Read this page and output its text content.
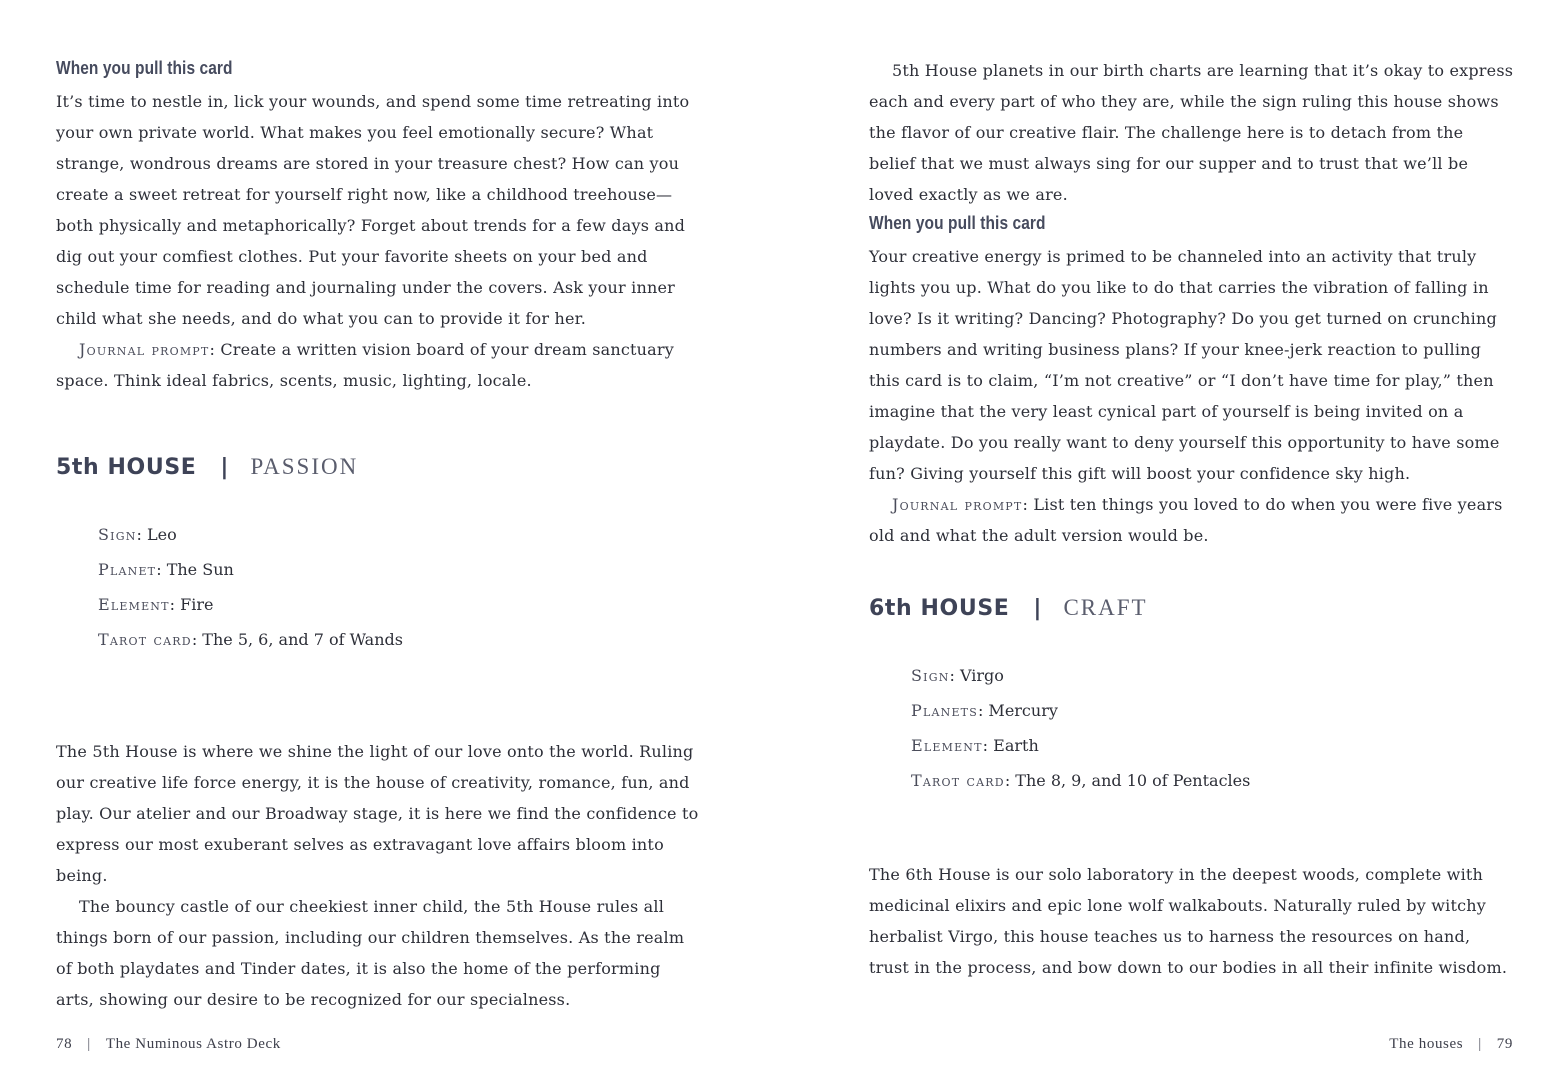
When you pull this card

It’s time to nestle in, lick your wounds, and spend some time retreating into your own private world. What makes you feel emotionally secure? What strange, wondrous dreams are stored in your treasure chest? How can you create a sweet retreat for yourself right now, like a childhood treehouse—both physically and metaphorically? Forget about trends for a few days and dig out your comfiest clothes. Put your favorite sheets on your bed and schedule time for reading and journaling under the covers. Ask your inner child what she needs, and do what you can to provide it for her.

Journal prompt: Create a written vision board of your dream sanctuary space. Think ideal fabrics, scents, music, lighting, locale.

5th HOUSE | PASSION
Sign: Leo
Planet: The Sun
Element: Fire
Tarot card: The 5, 6, and 7 of Wands

The 5th House is where we shine the light of our love onto the world. Ruling our creative life force energy, it is the house of creativity, romance, fun, and play. Our atelier and our Broadway stage, it is here we find the confidence to express our most exuberant selves as extravagant love affairs bloom into being.

The bouncy castle of our cheekiest inner child, the 5th House rules all things born of our passion, including our children themselves. As the realm of both playdates and Tinder dates, it is also the home of the performing arts, showing our desire to be recognized for our specialness.

78 | The Numinous Astro Deck

5th House planets in our birth charts are learning that it’s okay to express each and every part of who they are, while the sign ruling this house shows the flavor of our creative flair. The challenge here is to detach from the belief that we must always sing for our supper and to trust that we’ll be loved exactly as we are.

When you pull this card

Your creative energy is primed to be channeled into an activity that truly lights you up. What do you like to do that carries the vibration of falling in love? Is it writing? Dancing? Photography? Do you get turned on crunching numbers and writing business plans? If your knee-jerk reaction to pulling this card is to claim, “I’m not creative” or “I don’t have time for play,” then imagine that the very least cynical part of yourself is being invited on a playdate. Do you really want to deny yourself this opportunity to have some fun? Giving yourself this gift will boost your confidence sky high.

Journal prompt: List ten things you loved to do when you were five years old and what the adult version would be.

6th HOUSE | CRAFT
Sign: Virgo
Planets: Mercury
Element: Earth
Tarot card: The 8, 9, and 10 of Pentacles

The 6th House is our solo laboratory in the deepest woods, complete with medicinal elixirs and epic lone wolf walkabouts. Naturally ruled by witchy herbalist Virgo, this house teaches us to harness the resources on hand, trust in the process, and bow down to our bodies in all their infinite wisdom.

The houses | 79
